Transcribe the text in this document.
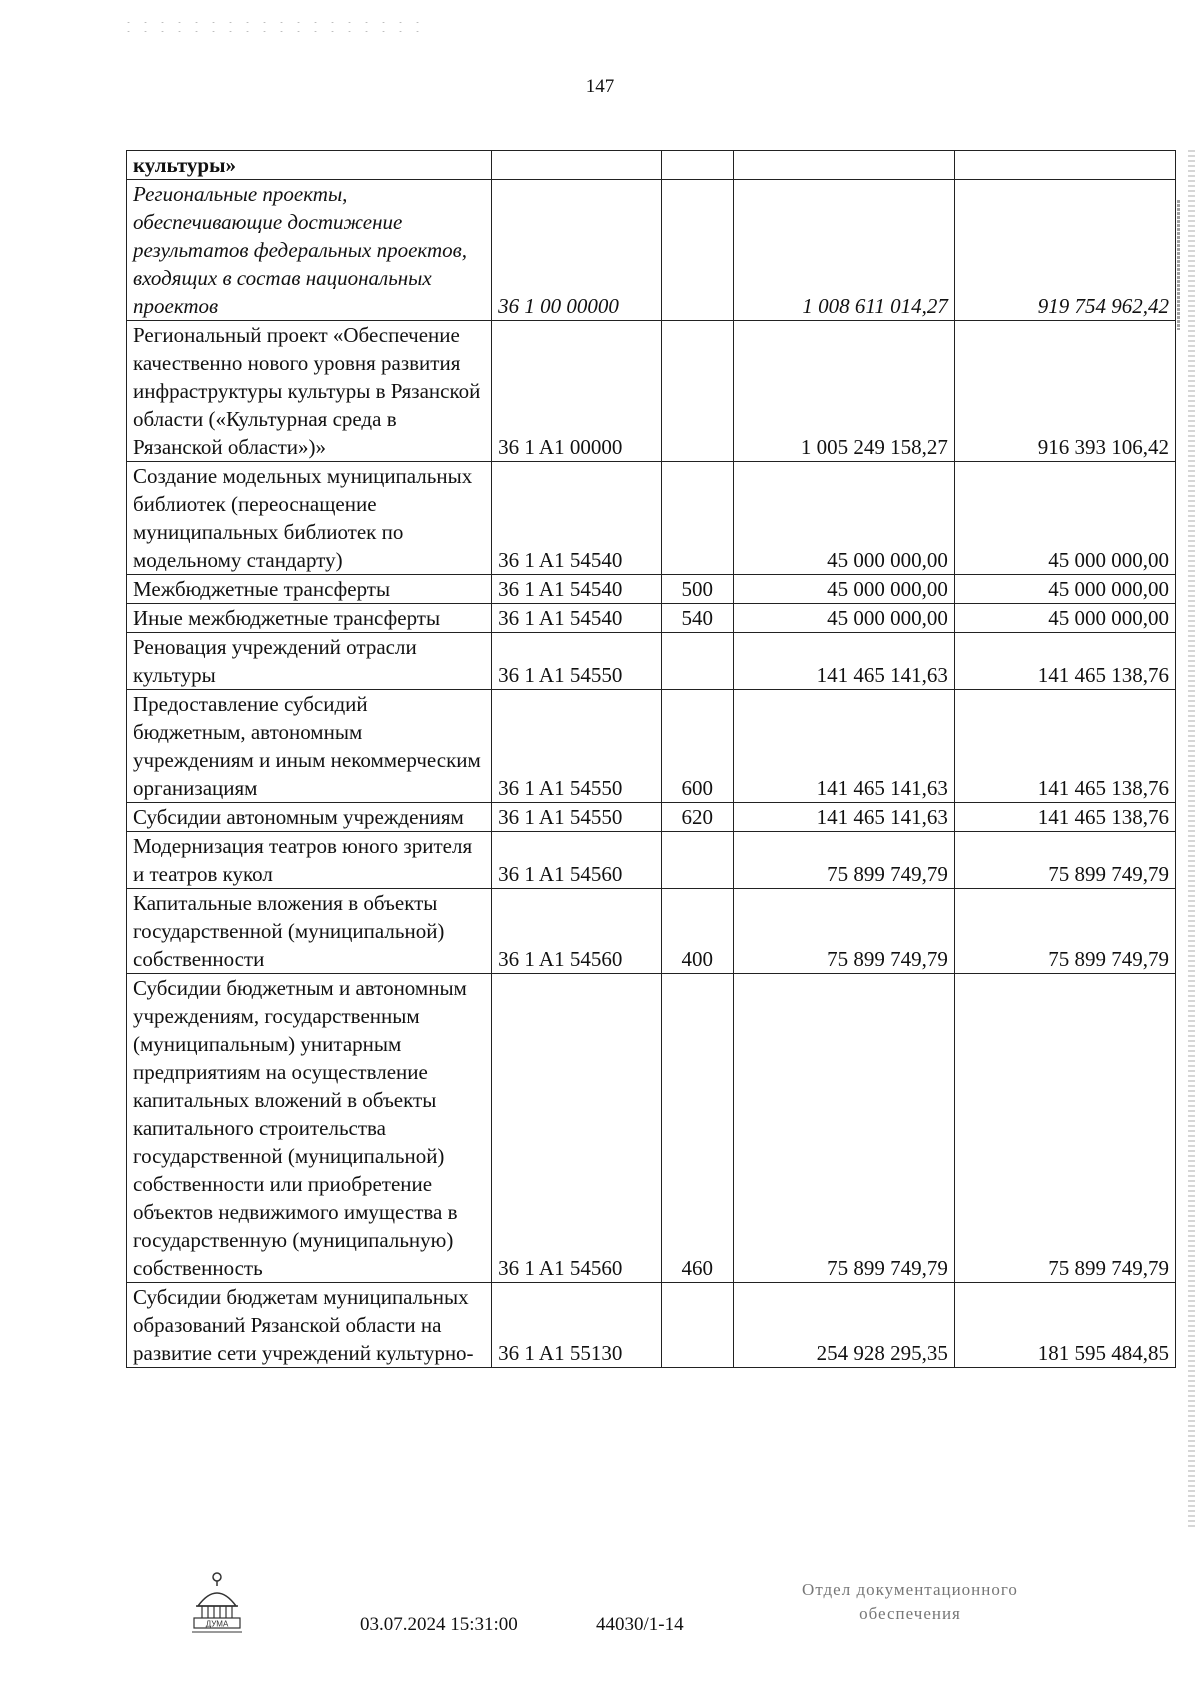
147
культуры»				
Региональные проекты, обеспечивающие достижение результатов федеральных проектов, входящих в состав национальных проектов	36 1 00 00000		1 008 611 014,27	919 754 962,42
Региональный проект «Обеспечение качественно нового уровня развития инфраструктуры культуры в Рязанской области («Культурная среда в Рязанской области»)»	36 1 A1 00000		1 005 249 158,27	916 393 106,42
Создание модельных муниципальных библиотек (переоснащение муниципальных библиотек по модельному стандарту)	36 1 A1 54540		45 000 000,00	45 000 000,00
Межбюджетные трансферты	36 1 A1 54540	500	45 000 000,00	45 000 000,00
Иные межбюджетные трансферты	36 1 A1 54540	540	45 000 000,00	45 000 000,00
Реновация учреждений отрасли культуры	36 1 A1 54550		141 465 141,63	141 465 138,76
Предоставление субсидий бюджетным, автономным учреждениям и иным некоммерческим организациям	36 1 A1 54550	600	141 465 141,63	141 465 138,76
Субсидии автономным учреждениям	36 1 A1 54550	620	141 465 141,63	141 465 138,76
Модернизация театров юного зрителя и театров кукол	36 1 A1 54560		75 899 749,79	75 899 749,79
Капитальные вложения в объекты государственной (муниципальной) собственности	36 1 A1 54560	400	75 899 749,79	75 899 749,79
Субсидии бюджетным и автономным учреждениям, государственным (муниципальным) унитарным предприятиям на осуществление капитальных вложений в объекты капитального строительства государственной (муниципальной) собственности или приобретение объектов недвижимого имущества в государственную (муниципальную) собственность	36 1 A1 54560	460	75 899 749,79	75 899 749,79
Субсидии бюджетам муниципальных образований Рязанской области на развитие сети учреждений культурно-	36 1 A1 55130		254 928 295,35	181 595 484,85
ДУМА	03.07.2024 15:31:00	44030/1-14
Отдел документационного
обеспечения
